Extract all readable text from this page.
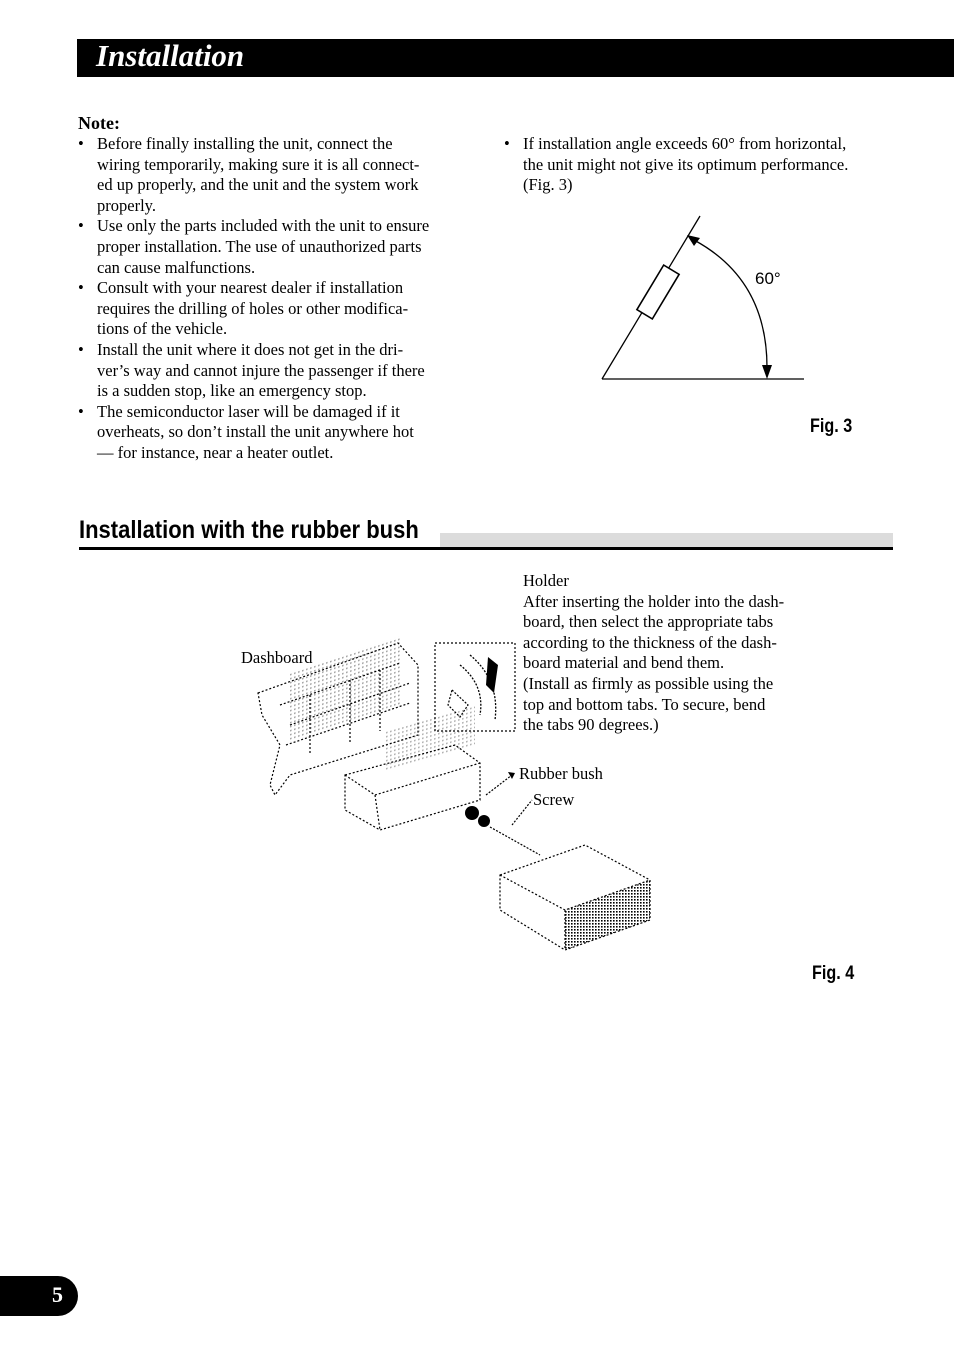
Installation
Note:
• Before finally installing the unit, connect the
wiring temporarily, making sure it is all connect-
ed up properly, and the unit and the system work
properly.
• Use only the parts included with the unit to ensure
proper installation. The use of unauthorized parts
can cause malfunctions.
• Consult with your nearest dealer if installation
requires the drilling of holes or other modifica-
tions of the vehicle.
• Install the unit where it does not get in the dri-
ver’s way and cannot injure the passenger if there
is a sudden stop, like an emergency stop.
• The semiconductor laser will be damaged if it
overheats, so don’t install the unit anywhere hot
— for instance, near a heater outlet.
• If installation angle exceeds 60° from horizontal,
the unit might not give its optimum performance.
(Fig. 3)
60°
Fig. 3
Installation with the rubber bush
Holder
After inserting the holder into the dash-
board, then select the appropriate tabs
according to the thickness of the dash-
board material and bend them.
(Install as firmly as possible using the
top and bottom tabs. To secure, bend
the tabs 90 degrees.)
Dashboard
Rubber bush
Screw
Fig. 4
5
